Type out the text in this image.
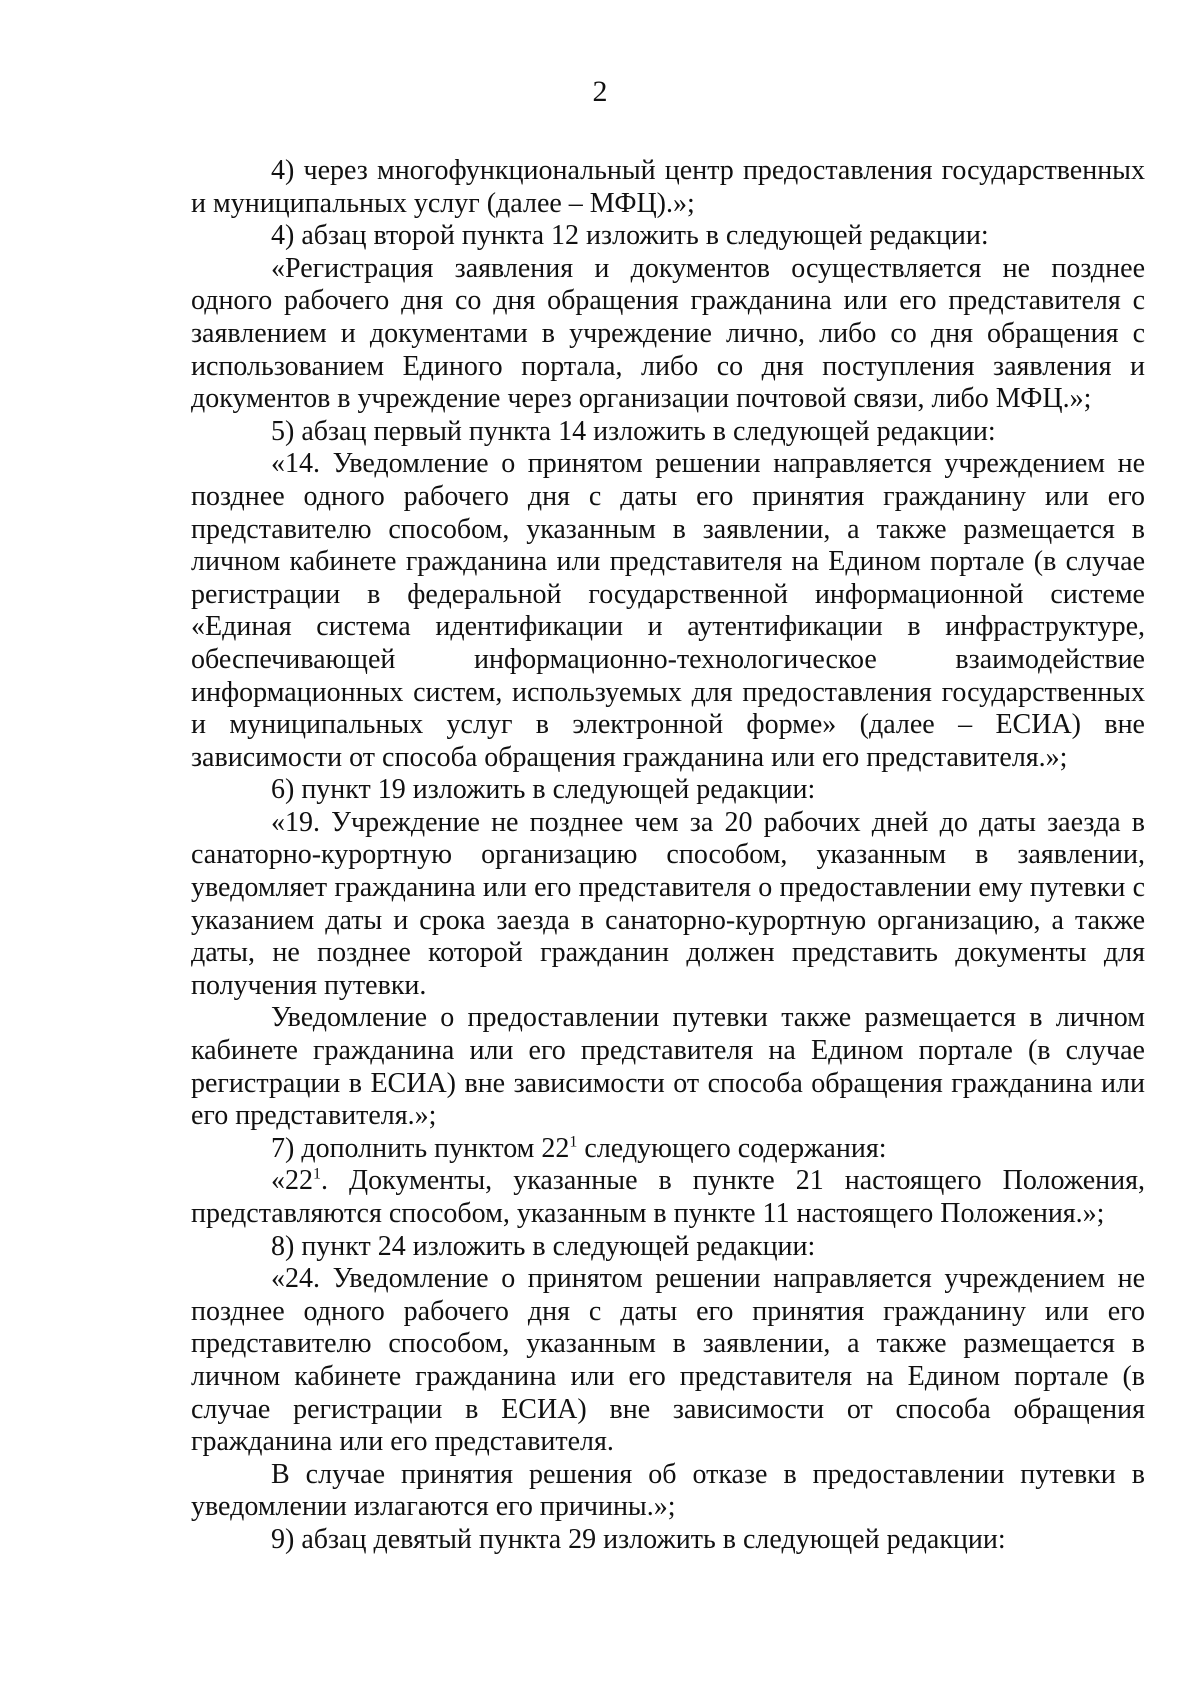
2

4) через многофункциональный центр предоставления государственных и муниципальных услуг (далее – МФЦ).»;

4) абзац второй пункта 12 изложить в следующей редакции:

«Регистрация заявления и документов осуществляется не позднее одного рабочего дня со дня обращения гражданина или его представителя с заявлением и документами в учреждение лично, либо со дня обращения с использованием Единого портала, либо со дня поступления заявления и документов в учреждение через организации почтовой связи, либо МФЦ.»;

5) абзац первый пункта 14 изложить в следующей редакции:

«14. Уведомление о принятом решении направляется учреждением не позднее одного рабочего дня с даты его принятия гражданину или его представителю способом, указанным в заявлении, а также размещается в личном кабинете гражданина или представителя на Едином портале (в случае регистрации в федеральной государственной информационной системе «Единая система идентификации и аутентификации в инфраструктуре, обеспечивающей информационно-технологическое взаимодействие информационных систем, используемых для предоставления государственных и муниципальных услуг в электронной форме» (далее – ЕСИА) вне зависимости от способа обращения гражданина или его представителя.»;

6) пункт 19 изложить в следующей редакции:

«19. Учреждение не позднее чем за 20 рабочих дней до даты заезда в санаторно-курортную организацию способом, указанным в заявлении, уведомляет гражданина или его представителя о предоставлении ему путевки с указанием даты и срока заезда в санаторно-курортную организацию, а также даты, не позднее которой гражданин должен представить документы для получения путевки.

Уведомление о предоставлении путевки также размещается в личном кабинете гражданина или его представителя на Едином портале (в случае регистрации в ЕСИА) вне зависимости от способа обращения гражданина или его представителя.»;

7) дополнить пунктом $22^1$ следующего содержания:

«$22^1$. Документы, указанные в пункте 21 настоящего Положения, представляются способом, указанным в пункте 11 настоящего Положения.»;

8) пункт 24 изложить в следующей редакции:

«24. Уведомление о принятом решении направляется учреждением не позднее одного рабочего дня с даты его принятия гражданину или его представителю способом, указанным в заявлении, а также размещается в личном кабинете гражданина или его представителя на Едином портале (в случае регистрации в ЕСИА) вне зависимости от способа обращения гражданина или его представителя.

В случае принятия решения об отказе в предоставлении путевки в уведомлении излагаются его причины.»;

9) абзац девятый пункта 29 изложить в следующей редакции:
